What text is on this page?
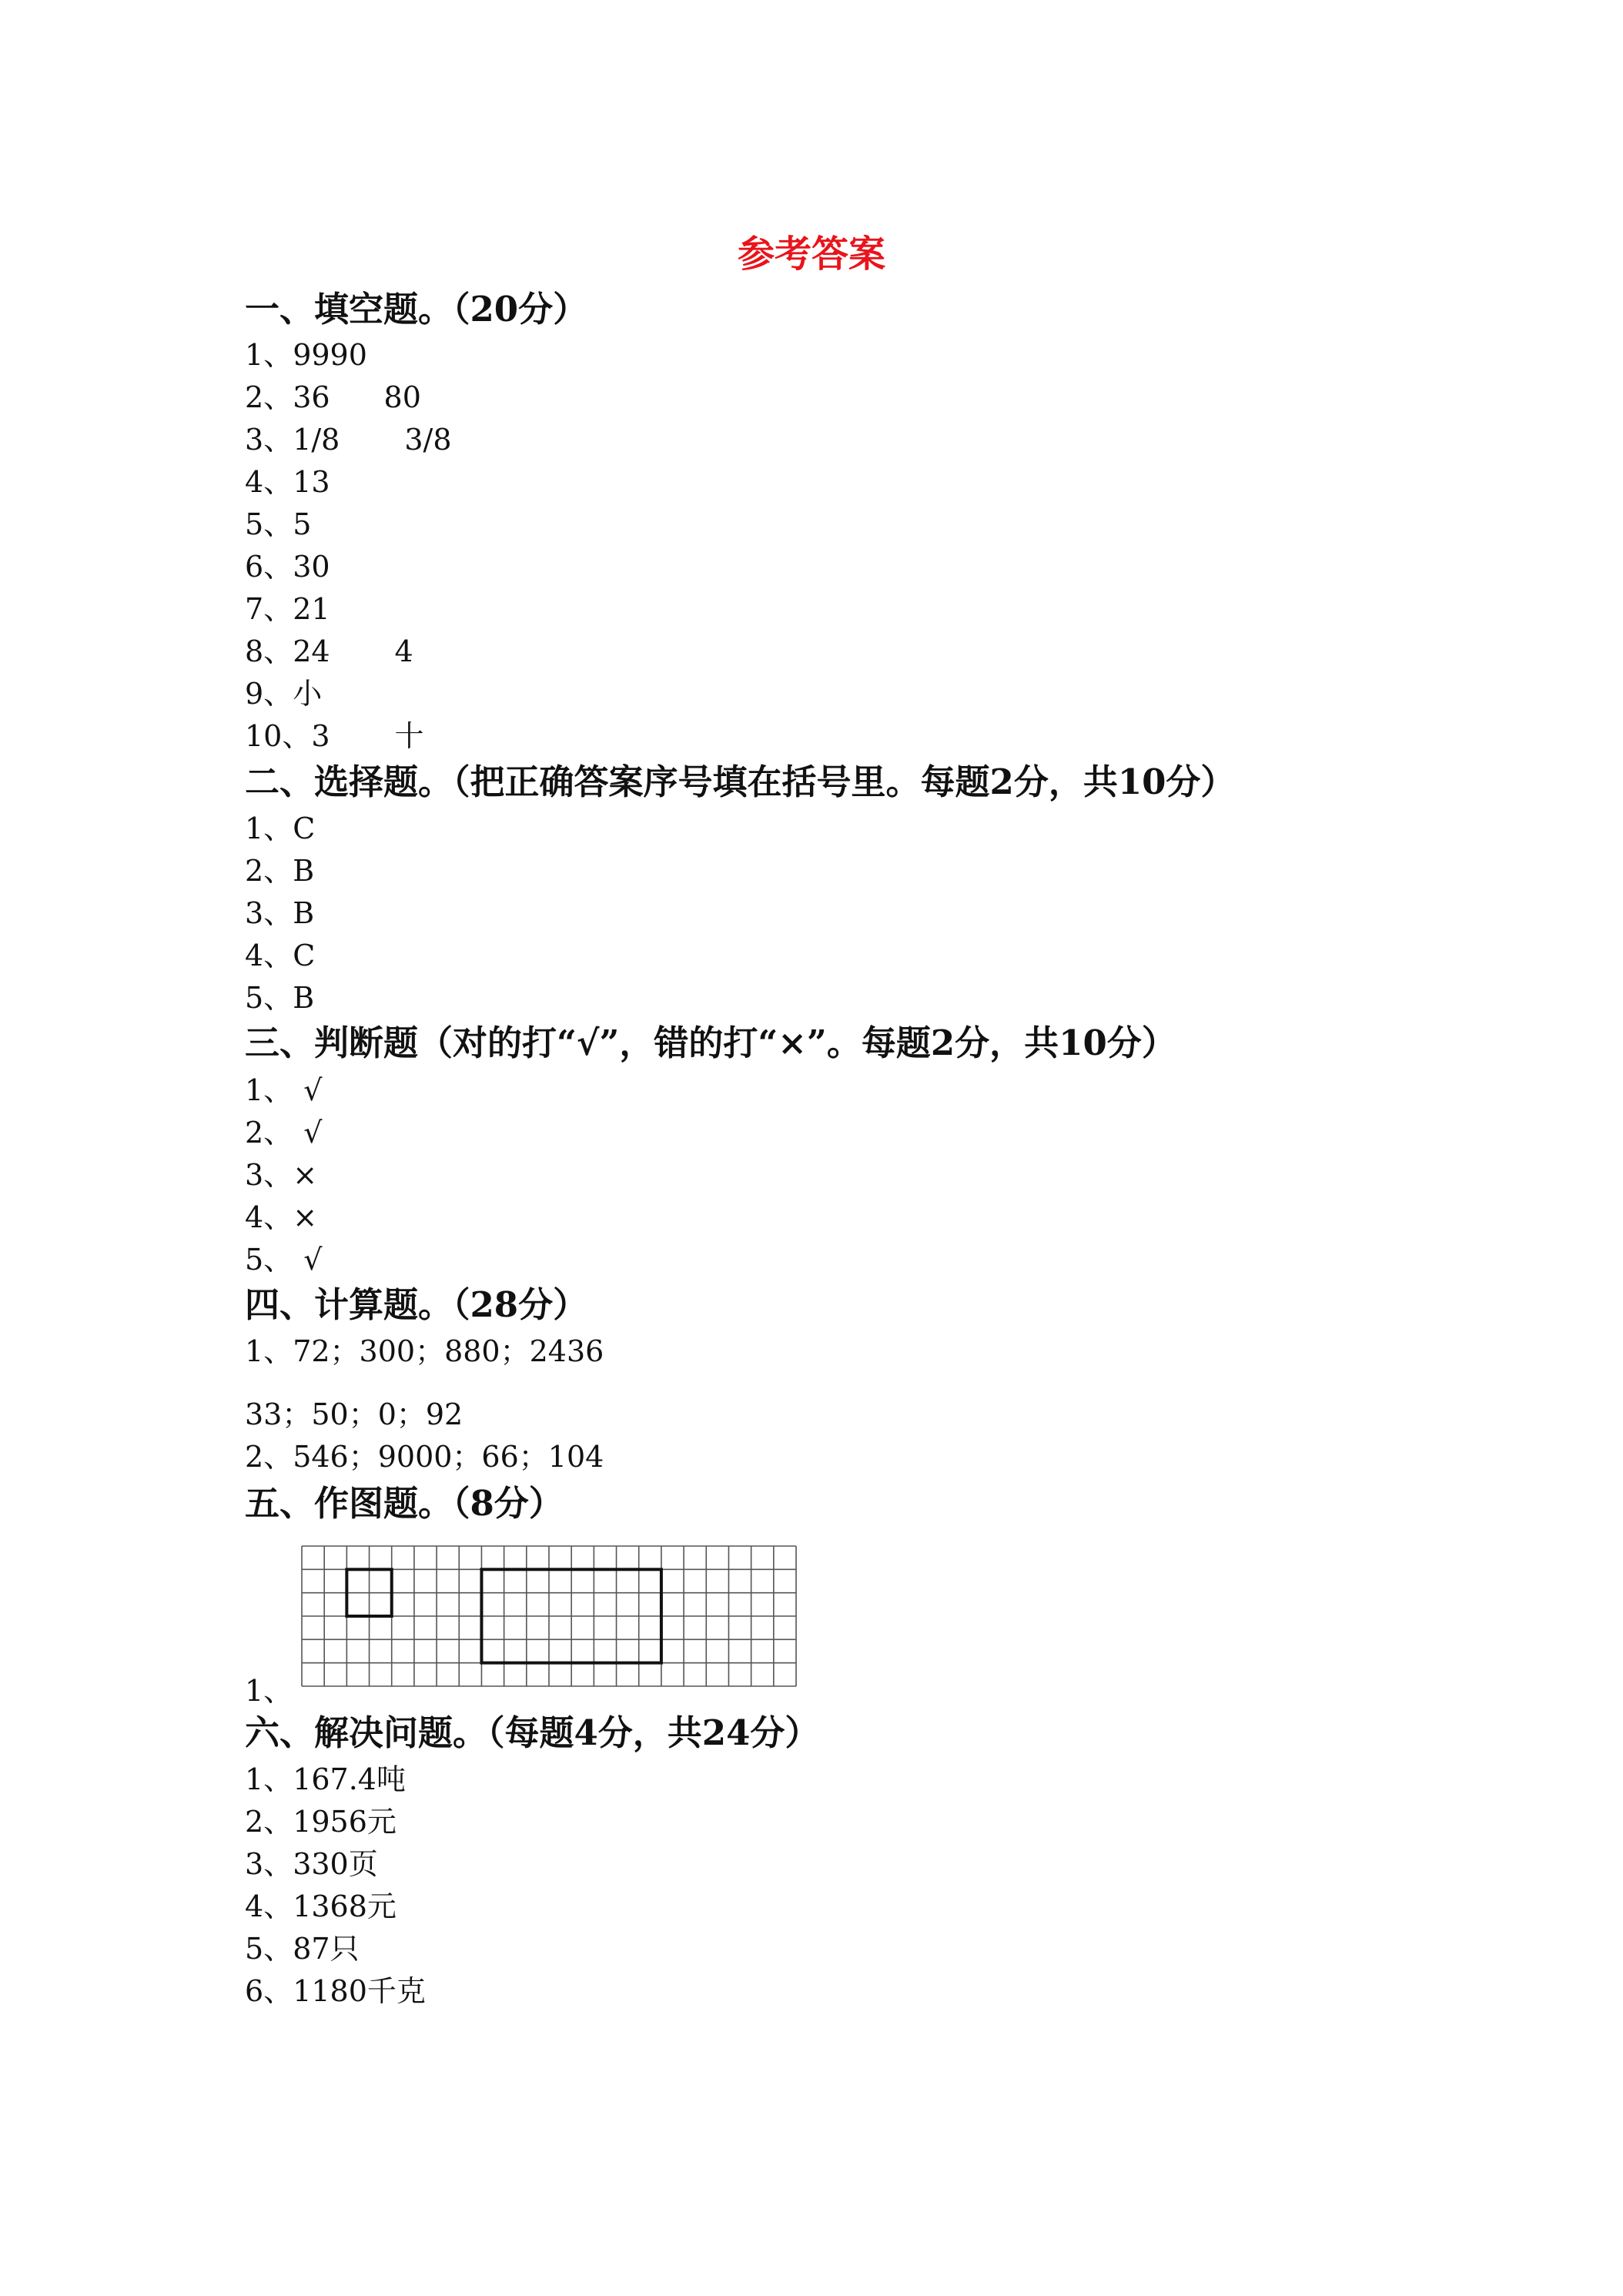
参考答案
一、填空题。（20分）
1、9990
2、36 80
3、1/8 3/8
4、13
5、5
6、30
7、21
8、24 4
9、小
10、3 十
二、选择题。（把正确答案序号填在括号里。每题2分，共10分）
1、C
2、B
3、B
4、C
5、B
三、判断题（对的打“√”，错的打“×”。每题2分，共10分）
1、 √
2、 √
3、×
4、×
5、 √
四、计算题。（28分）
1、72；300；880；2436
33；50；0；92
2、546；9000；66；104
五、作图题。（8分）
1、
六、解决问题。（每题4分，共24分）
1、167.4吨
2、1956元
3、330页
4、1368元
5、87只
6、1180千克
